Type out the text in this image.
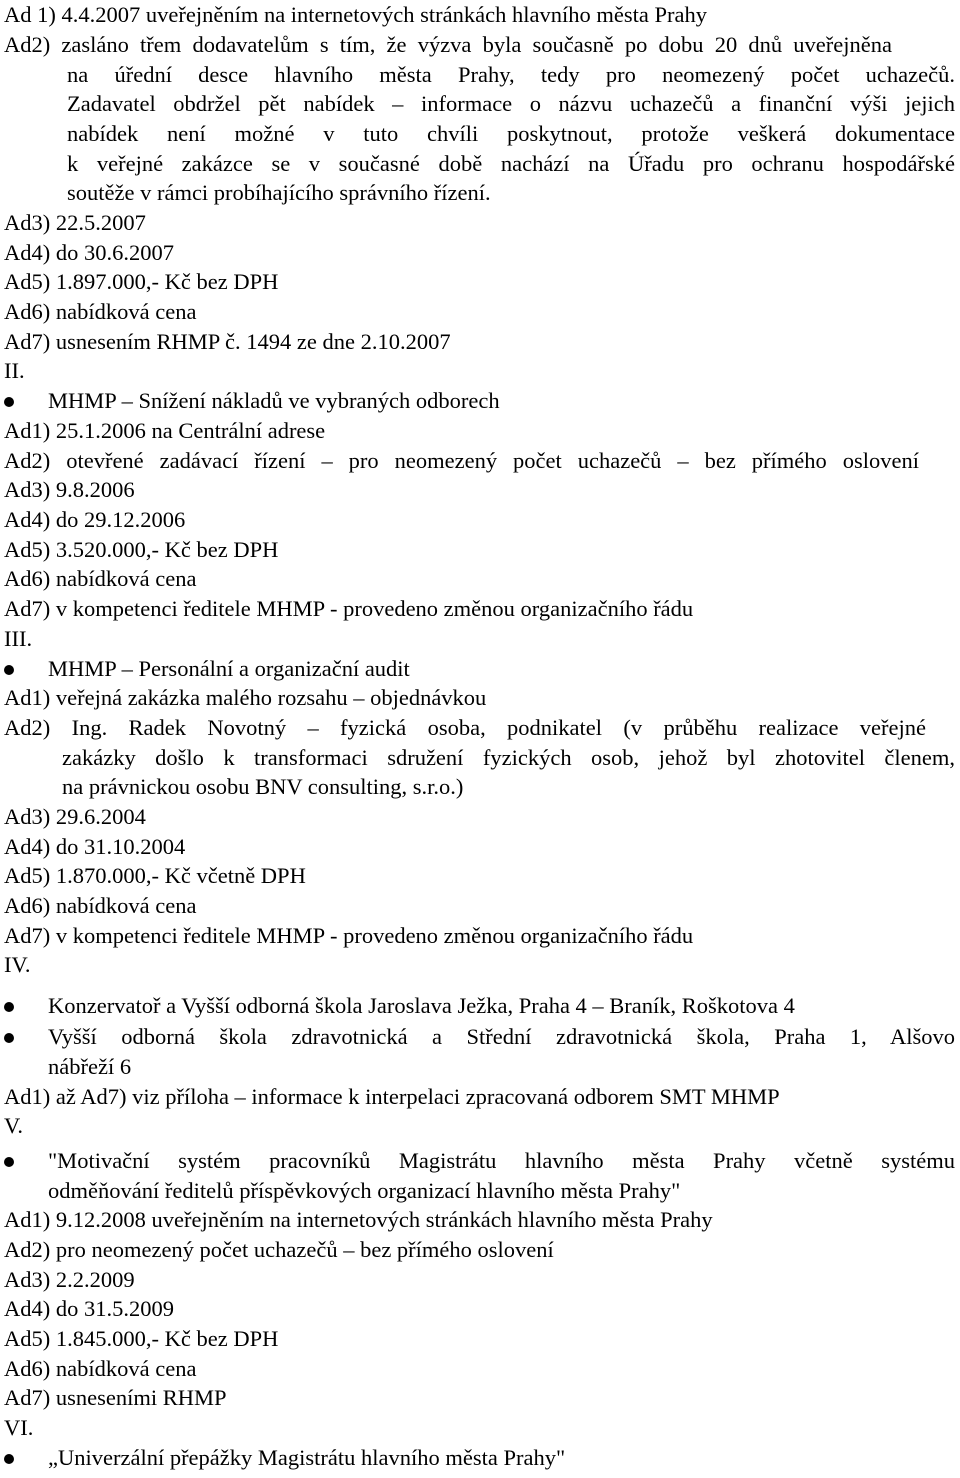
Ad 1) 4.4.2007 uveřejněním na internetových stránkách hlavního města Prahy
Ad2) zasláno třem dodavatelům s tím, že výzva byla současně po dobu 20 dnů uveřejněna
na úřední desce hlavního města Prahy, tedy pro neomezený počet uchazečů.
Zadavatel obdržel pět nabídek – informace o názvu uchazečů a finanční výši jejich
nabídek není možné v tuto chvíli poskytnout, protože veškerá dokumentace
k veřejné zakázce se v současné době nachází na Úřadu pro ochranu hospodářské
soutěže v rámci probíhajícího správního řízení.
Ad3) 22.5.2007
Ad4) do 30.6.2007
Ad5) 1.897.000,- Kč bez DPH
Ad6) nabídková cena
Ad7) usnesením RHMP č. 1494 ze dne 2.10.2007
II.
MHMP – Snížení nákladů ve vybraných odborech
Ad1) 25.1.2006 na Centrální adrese
Ad2) otevřené zadávací řízení – pro neomezený počet uchazečů – bez přímého oslovení
Ad3) 9.8.2006
Ad4) do 29.12.2006
Ad5) 3.520.000,- Kč bez DPH
Ad6) nabídková cena
Ad7) v kompetenci ředitele MHMP - provedeno změnou organizačního řádu
III.
MHMP – Personální a organizační audit
Ad1) veřejná zakázka malého rozsahu – objednávkou
Ad2) Ing. Radek Novotný – fyzická osoba, podnikatel (v průběhu realizace veřejné
zakázky došlo k transformaci sdružení fyzických osob, jehož byl zhotovitel členem,
na právnickou osobu BNV consulting, s.r.o.)
Ad3) 29.6.2004
Ad4) do 31.10.2004
Ad5) 1.870.000,- Kč včetně DPH
Ad6) nabídková cena
Ad7) v kompetenci ředitele MHMP - provedeno změnou organizačního řádu
IV.
Konzervatoř a Vyšší odborná škola Jaroslava Ježka, Praha 4 – Braník, Roškotova 4
Vyšší odborná škola zdravotnická a Střední zdravotnická škola, Praha 1, Alšovo
nábřeží 6
Ad1) až Ad7) viz příloha – informace k interpelaci zpracovaná odborem SMT MHMP
V.
"Motivační systém pracovníků Magistrátu hlavního města Prahy včetně systému
odměňování ředitelů příspěvkových organizací hlavního města Prahy"
Ad1) 9.12.2008 uveřejněním na internetových stránkách hlavního města Prahy
Ad2) pro neomezený počet uchazečů – bez přímého oslovení
Ad3) 2.2.2009
Ad4) do 31.5.2009
Ad5) 1.845.000,- Kč bez DPH
Ad6) nabídková cena
Ad7) usneseními RHMP
VI.
„Univerzální přepážky Magistrátu hlavního města Prahy"
